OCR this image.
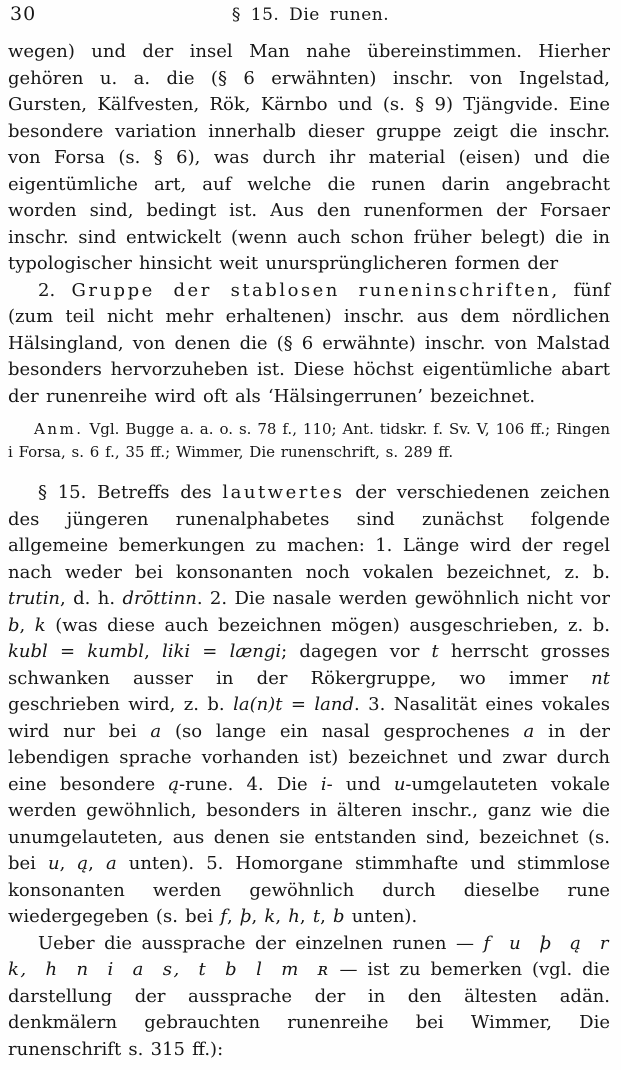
30	§ 15. Die runen.

wegen) und der insel Man nahe übereinstimmen. Hierher gehören u. a. die (§ 6 erwähnten) inschr. von Ingelstad, Gursten, Kälfvesten, Rök, Kärnbo und (s. § 9) Tjängvide. Eine besondere variation innerhalb dieser gruppe zeigt die inschr. von Forsa (s. § 6), was durch ihr material (eisen) und die eigentümliche art, auf welche die runen darin angebracht worden sind, bedingt ist. Aus den runenformen der Forsaer inschr. sind entwickelt (wenn auch schon früher belegt) die in typologischer hinsicht weit unursprünglicheren formen der

2. Gruppe der stablosen runeninschriften, fünf (zum teil nicht mehr erhaltenen) inschr. aus dem nördlichen Hälsingland, von denen die (§ 6 erwähnte) inschr. von Malstad besonders hervorzuheben ist. Diese höchst eigentümliche abart der runenreihe wird oft als ‘Hälsingerrunen’ bezeichnet.

Anm. Vgl. Bugge a. a. o. s. 78 f., 110; Ant. tidskr. f. Sv. V, 106 ff.; Ringen i Forsa, s. 6 f., 35 ff.; Wimmer, Die runenschrift, s. 289 ff.

§ 15. Betreffs des lautwertes der verschiedenen zeichen des jüngeren runenalphabetes sind zunächst folgende allgemeine bemerkungen zu machen: 1. Länge wird der regel nach weder bei konsonanten noch vokalen bezeichnet, z. b. trutin, d. h. drōttinn. 2. Die nasale werden gewöhnlich nicht vor b, k (was diese auch bezeichnen mögen) ausgeschrieben, z. b. kubl = kumbl, liki = længi; dagegen vor t herrscht grosses schwanken ausser in der Rökergruppe, wo immer nt geschrieben wird, z. b. la(n)t = land. 3. Nasalität eines vokales wird nur bei a (so lange ein nasal gesprochenes a in der lebendigen sprache vorhanden ist) bezeichnet und zwar durch eine besondere ą-rune. 4. Die i- und u-umgelauteten vokale werden gewöhnlich, besonders in älteren inschr., ganz wie die unumgelauteten, aus denen sie entstanden sind, bezeichnet (s. bei u, ą, a unten). 5. Homorgane stimmhafte und stimmlose konsonanten werden gewöhnlich durch dieselbe rune wiedergegeben (s. bei f, þ, k, h, t, b unten).

Ueber die aussprache der einzelnen runen — f u þ ą r k, h n i a s, t b l m ʀ — ist zu bemerken (vgl. die darstellung der aussprache der in den ältesten adän. denkmälern gebrauchten runenreihe bei Wimmer, Die runenschrift s. 315 ff.):
